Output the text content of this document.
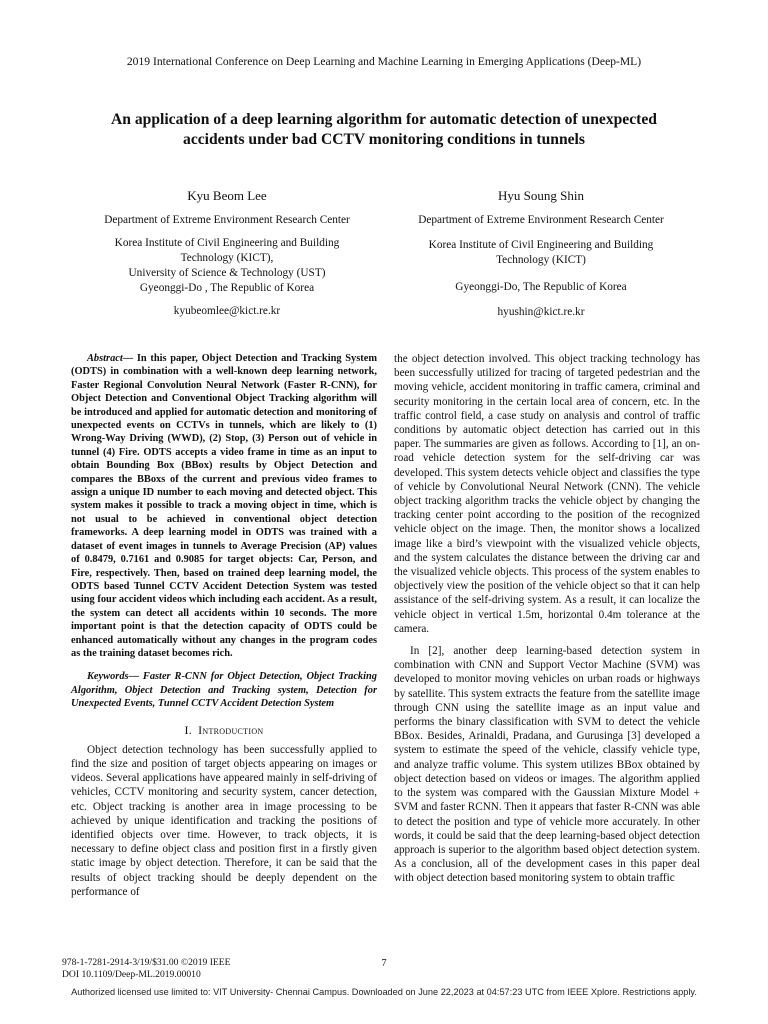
2019 International Conference on Deep Learning and Machine Learning in Emerging Applications (Deep-ML)
An application of a deep learning algorithm for automatic detection of unexpected
accidents under bad CCTV monitoring conditions in tunnels
Kyu Beom Lee
Department of Extreme Environment Research Center
Korea Institute of Civil Engineering and Building
Technology (KICT),
University of Science & Technology (UST)
Gyeonggi-Do , The Republic of Korea
kyubeomlee@kict.re.kr
Hyu Soung Shin
Department of Extreme Environment Research Center
Korea Institute of Civil Engineering and Building
Technology (KICT)
Gyeonggi-Do, The Republic of Korea
hyushin@kict.re.kr

Abstract— In this paper, Object Detection and Tracking System (ODTS) in combination with a well-known deep learning network, Faster Regional Convolution Neural Network (Faster R-CNN), for Object Detection and Conventional Object Tracking algorithm will be introduced and applied for automatic detection and monitoring of unexpected events on CCTVs in tunnels, which are likely to (1) Wrong-Way Driving (WWD), (2) Stop, (3) Person out of vehicle in tunnel (4) Fire. ODTS accepts a video frame in time as an input to obtain Bounding Box (BBox) results by Object Detection and compares the BBoxs of the current and previous video frames to assign a unique ID number to each moving and detected object. This system makes it possible to track a moving object in time, which is not usual to be achieved in conventional object detection frameworks. A deep learning model in ODTS was trained with a dataset of event images in tunnels to Average Precision (AP) values of 0.8479, 0.7161 and 0.9085 for target objects: Car, Person, and Fire, respectively. Then, based on trained deep learning model, the ODTS based Tunnel CCTV Accident Detection System was tested using four accident videos which including each accident. As a result, the system can detect all accidents within 10 seconds. The more important point is that the detection capacity of ODTS could be enhanced automatically without any changes in the program codes as the training dataset becomes rich.

Keywords— Faster R-CNN for Object Detection, Object Tracking Algorithm, Object Detection and Tracking system, Detection for Unexpected Events, Tunnel CCTV Accident Detection System

I. Introduction

Object detection technology has been successfully applied to find the size and position of target objects appearing on images or videos. Several applications have appeared mainly in self-driving of vehicles, CCTV monitoring and security system, cancer detection, etc. Object tracking is another area in image processing to be achieved by unique identification and tracking the positions of identified objects over time. However, to track objects, it is necessary to define object class and position first in a firstly given static image by object detection. Therefore, it can be said that the results of object tracking should be deeply dependent on the performance of

the object detection involved. This object tracking technology has been successfully utilized for tracing of targeted pedestrian and the moving vehicle, accident monitoring in traffic camera, criminal and security monitoring in the certain local area of concern, etc. In the traffic control field, a case study on analysis and control of traffic conditions by automatic object detection has carried out in this paper. The summaries are given as follows. According to [1], an on-road vehicle detection system for the self-driving car was developed. This system detects vehicle object and classifies the type of vehicle by Convolutional Neural Network (CNN). The vehicle object tracking algorithm tracks the vehicle object by changing the tracking center point according to the position of the recognized vehicle object on the image. Then, the monitor shows a localized image like a bird’s viewpoint with the visualized vehicle objects, and the system calculates the distance between the driving car and the visualized vehicle objects. This process of the system enables to objectively view the position of the vehicle object so that it can help assistance of the self-driving system. As a result, it can localize the vehicle object in vertical 1.5m, horizontal 0.4m tolerance at the camera.

In [2], another deep learning-based detection system in combination with CNN and Support Vector Machine (SVM) was developed to monitor moving vehicles on urban roads or highways by satellite. This system extracts the feature from the satellite image through CNN using the satellite image as an input value and performs the binary classification with SVM to detect the vehicle BBox. Besides, Arinaldi, Pradana, and Gurusinga [3] developed a system to estimate the speed of the vehicle, classify vehicle type, and analyze traffic volume. This system utilizes BBox obtained by object detection based on videos or images. The algorithm applied to the system was compared with the Gaussian Mixture Model + SVM and faster RCNN. Then it appears that faster R-CNN was able to detect the position and type of vehicle more accurately. In other words, it could be said that the deep learning-based object detection approach is superior to the algorithm based object detection system. As a conclusion, all of the development cases in this paper deal with object detection based monitoring system to obtain traffic

978-1-7281-2914-3/19/$31.00 ©2019 IEEE
DOI 10.1109/Deep-ML.2019.00010
7
Authorized licensed use limited to: VIT University- Chennai Campus. Downloaded on June 22,2023 at 04:57:23 UTC from IEEE Xplore. Restrictions apply.
